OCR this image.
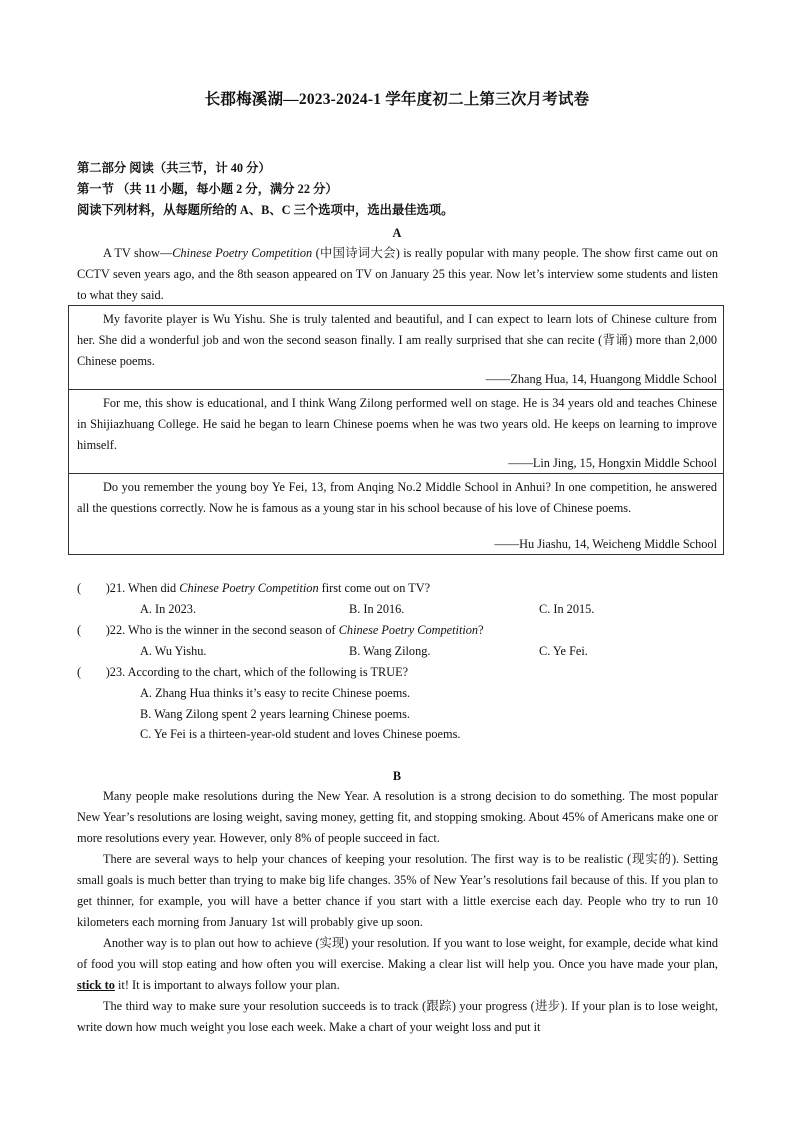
长郡梅溪湖—2023-2024-1 学年度初二上第三次月考试卷
第二部分 阅读（共三节，计 40 分）
第一节 （共 11 小题，每小题 2 分，满分 22 分）
阅读下列材料，从每题所给的 A、B、C 三个选项中，选出最佳选项。
A

A TV show—Chinese Poetry Competition (中国诗词大会) is really popular with many people. The show first came out on CCTV seven years ago, and the 8th season appeared on TV on January 25 this year. Now let’s interview some students and listen to what they said.

My favorite player is Wu Yishu. She is truly talented and beautiful, and I can expect to learn lots of Chinese culture from her. She did a wonderful job and won the second season finally. I am really surprised that she can recite (背诵) more than 2,000 Chinese poems.

——Zhang Hua, 14, Huangong Middle School

For me, this show is educational, and I think Wang Zilong performed well on stage. He is 34 years old and teaches Chinese in Shijiazhuang College. He said he began to learn Chinese poems when he was two years old. He keeps on learning to improve himself.

——Lin Jing, 15, Hongxin Middle School

Do you remember the young boy Ye Fei, 13, from Anqing No.2 Middle School in Anhui? In one competition, he answered all the questions correctly. Now he is famous as a young star in his school because of his love of Chinese poems.

——Hu Jiashu, 14, Weicheng Middle School
(　　)21. When did Chinese Poetry Competition first come out on TV?
A. In 2023.	B. In 2016.	C. In 2015.
(　　)22. Who is the winner in the second season of Chinese Poetry Competition?
A. Wu Yishu.	B. Wang Zilong.	C. Ye Fei.
(　　)23. According to the chart, which of the following is TRUE?
A. Zhang Hua thinks it’s easy to recite Chinese poems.
B. Wang Zilong spent 2 years learning Chinese poems.
C. Ye Fei is a thirteen-year-old student and loves Chinese poems.
B

Many people make resolutions during the New Year. A resolution is a strong decision to do something. The most popular New Year’s resolutions are losing weight, saving money, getting fit, and stopping smoking. About 45% of Americans make one or more resolutions every year. However, only 8% of people succeed in fact.

There are several ways to help your chances of keeping your resolution. The first way is to be realistic (现实的). Setting small goals is much better than trying to make big life changes. 35% of New Year’s resolutions fail because of this. If you plan to get thinner, for example, you will have a better chance if you start with a little exercise each day. People who try to run 10 kilometers each morning from January 1st will probably give up soon.

Another way is to plan out how to achieve (实现) your resolution. If you want to lose weight, for example, decide what kind of food you will stop eating and how often you will exercise. Making a clear list will help you. Once you have made your plan, stick to it! It is important to always follow your plan.

The third way to make sure your resolution succeeds is to track (跟踪) your progress (进步). If your plan is to lose weight, write down how much weight you lose each week. Make a chart of your weight loss and put it
